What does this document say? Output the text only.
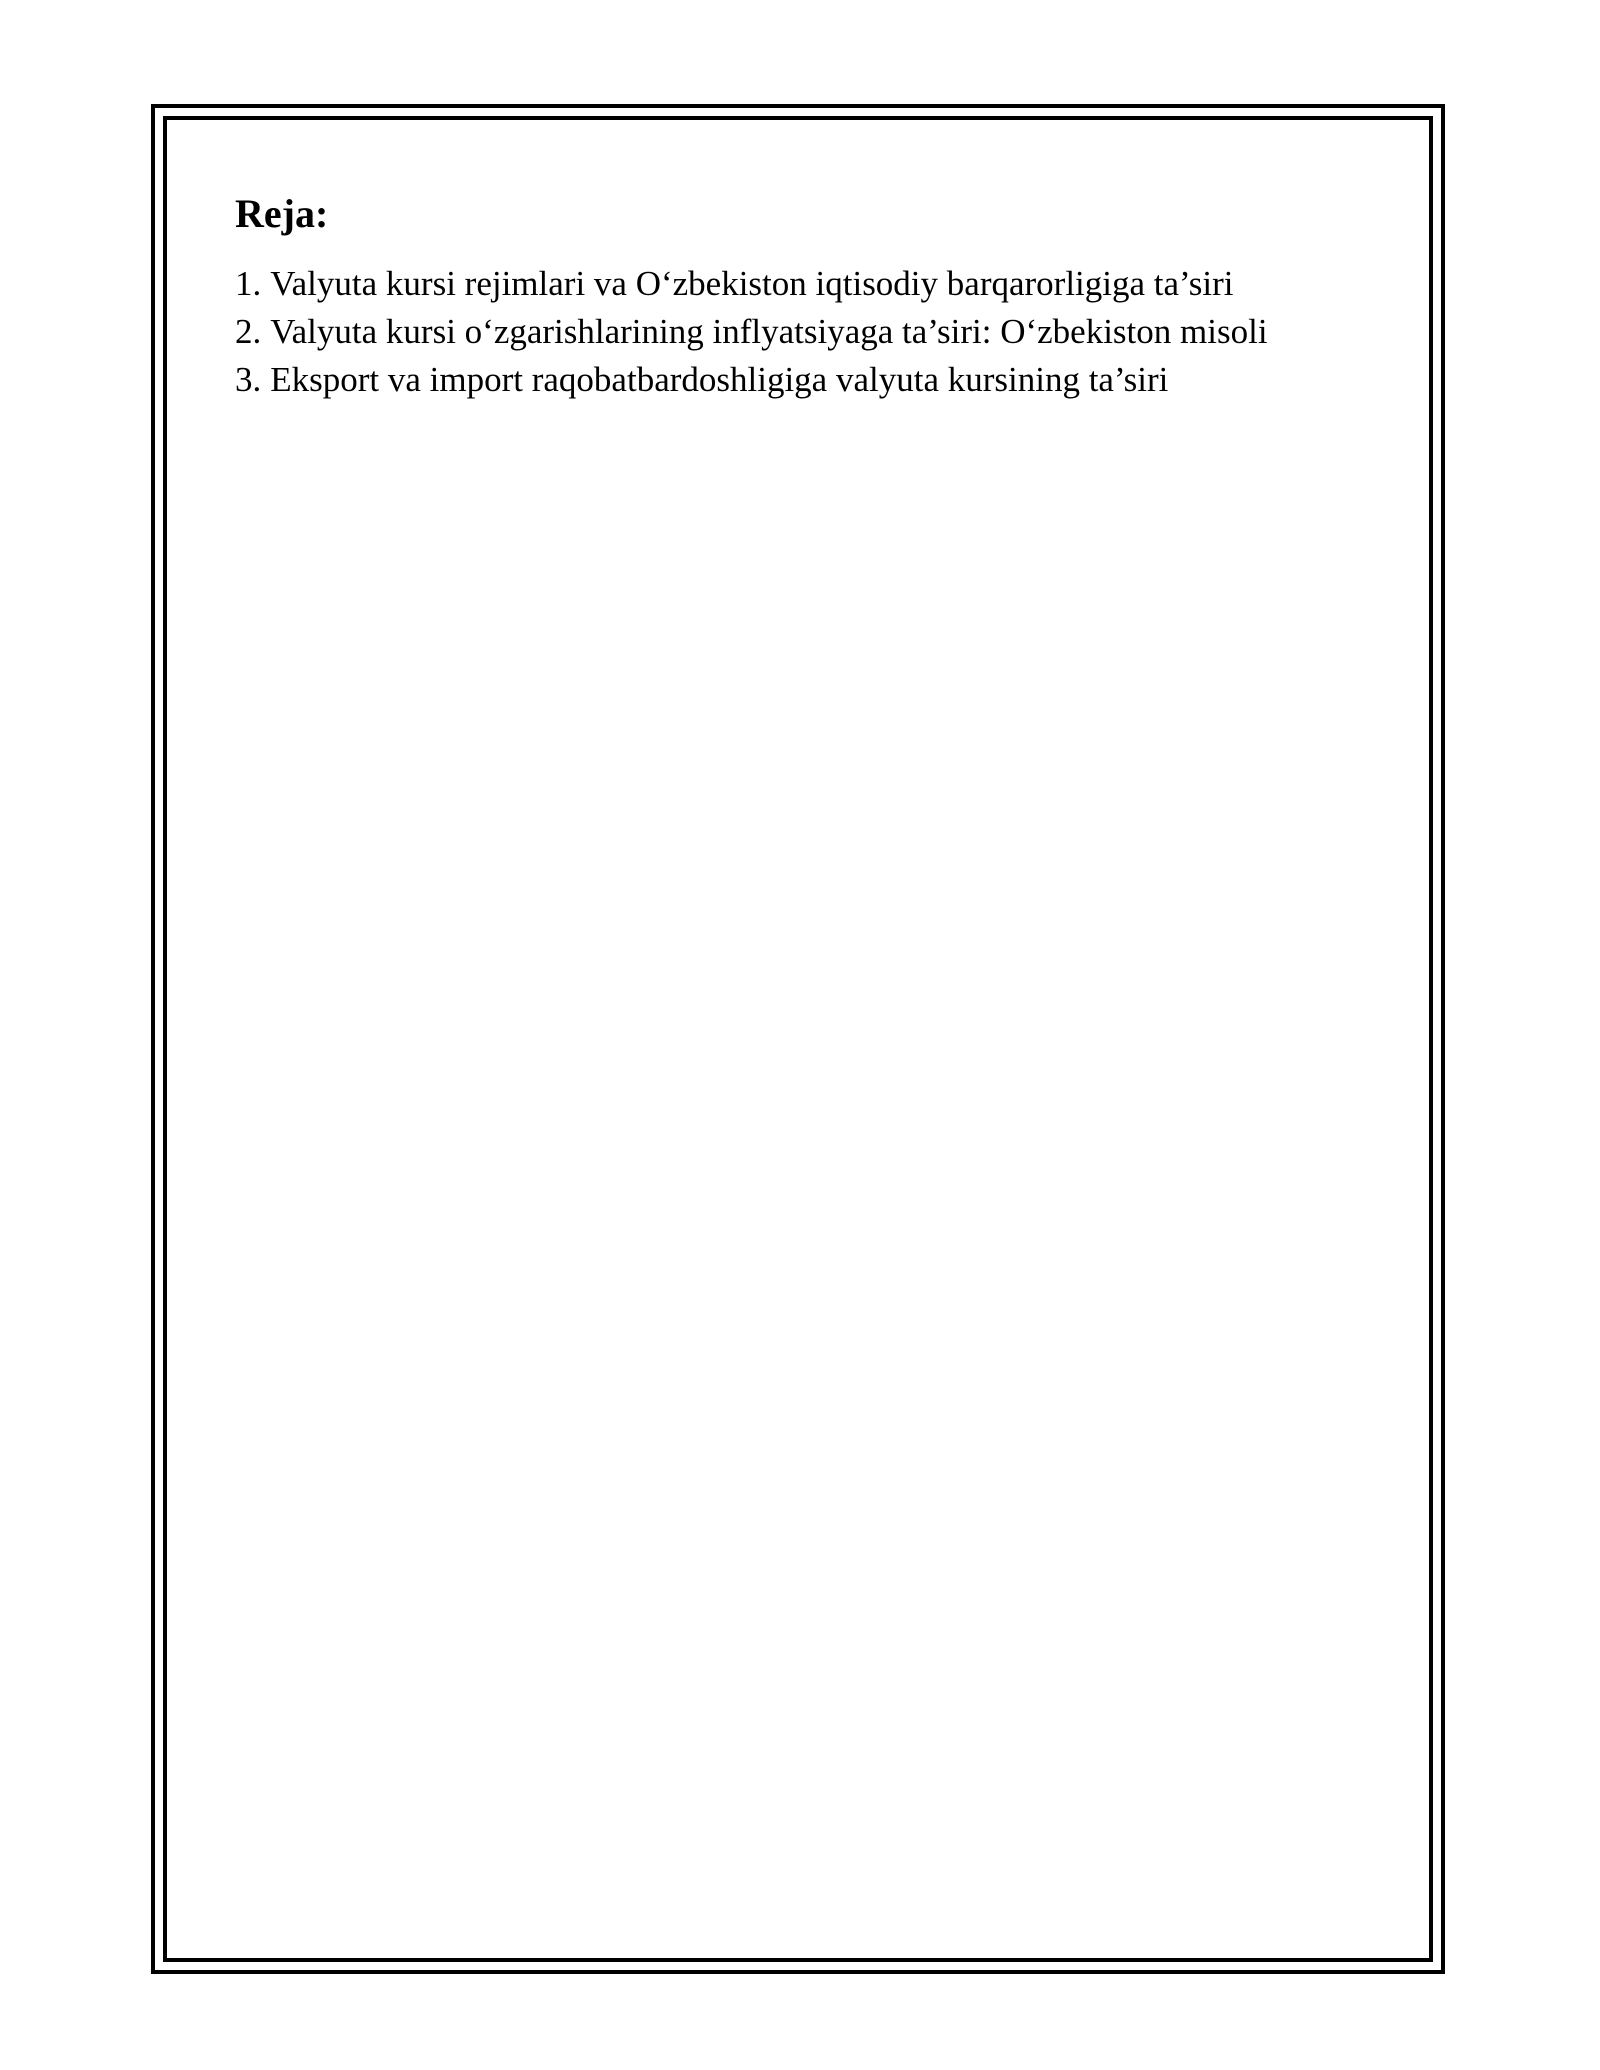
Reja:
1. Valyuta kursi rejimlari va O‘zbekiston iqtisodiy barqarorligiga ta’siri
2. Valyuta kursi o‘zgarishlarining inflyatsiyaga ta’siri: O‘zbekiston misoli
3. Eksport va import raqobatbardoshligiga valyuta kursining ta’siri
